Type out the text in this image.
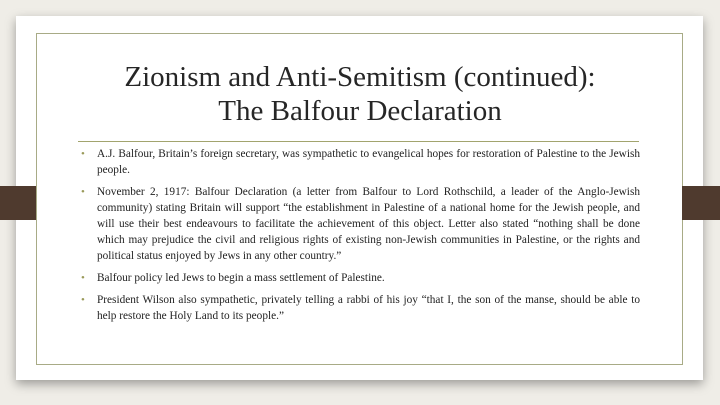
Zionism and Anti-Semitism (continued):
The Balfour Declaration
• A.J. Balfour, Britain’s foreign secretary, was sympathetic to evangelical hopes for restoration of Palestine to the Jewish people.
• November 2, 1917: Balfour Declaration (a letter from Balfour to Lord Rothschild, a leader of the Anglo-Jewish community) stating Britain will support “the establishment in Palestine of a national home for the Jewish people, and will use their best endeavours to facilitate the achievement of this object. Letter also stated “nothing shall be done which may prejudice the civil and religious rights of existing non-Jewish communities in Palestine, or the rights and political status enjoyed by Jews in any other country.”
• Balfour policy led Jews to begin a mass settlement of Palestine.
• President Wilson also sympathetic, privately telling a rabbi of his joy “that I, the son of the manse, should be able to help restore the Holy Land to its people.”
